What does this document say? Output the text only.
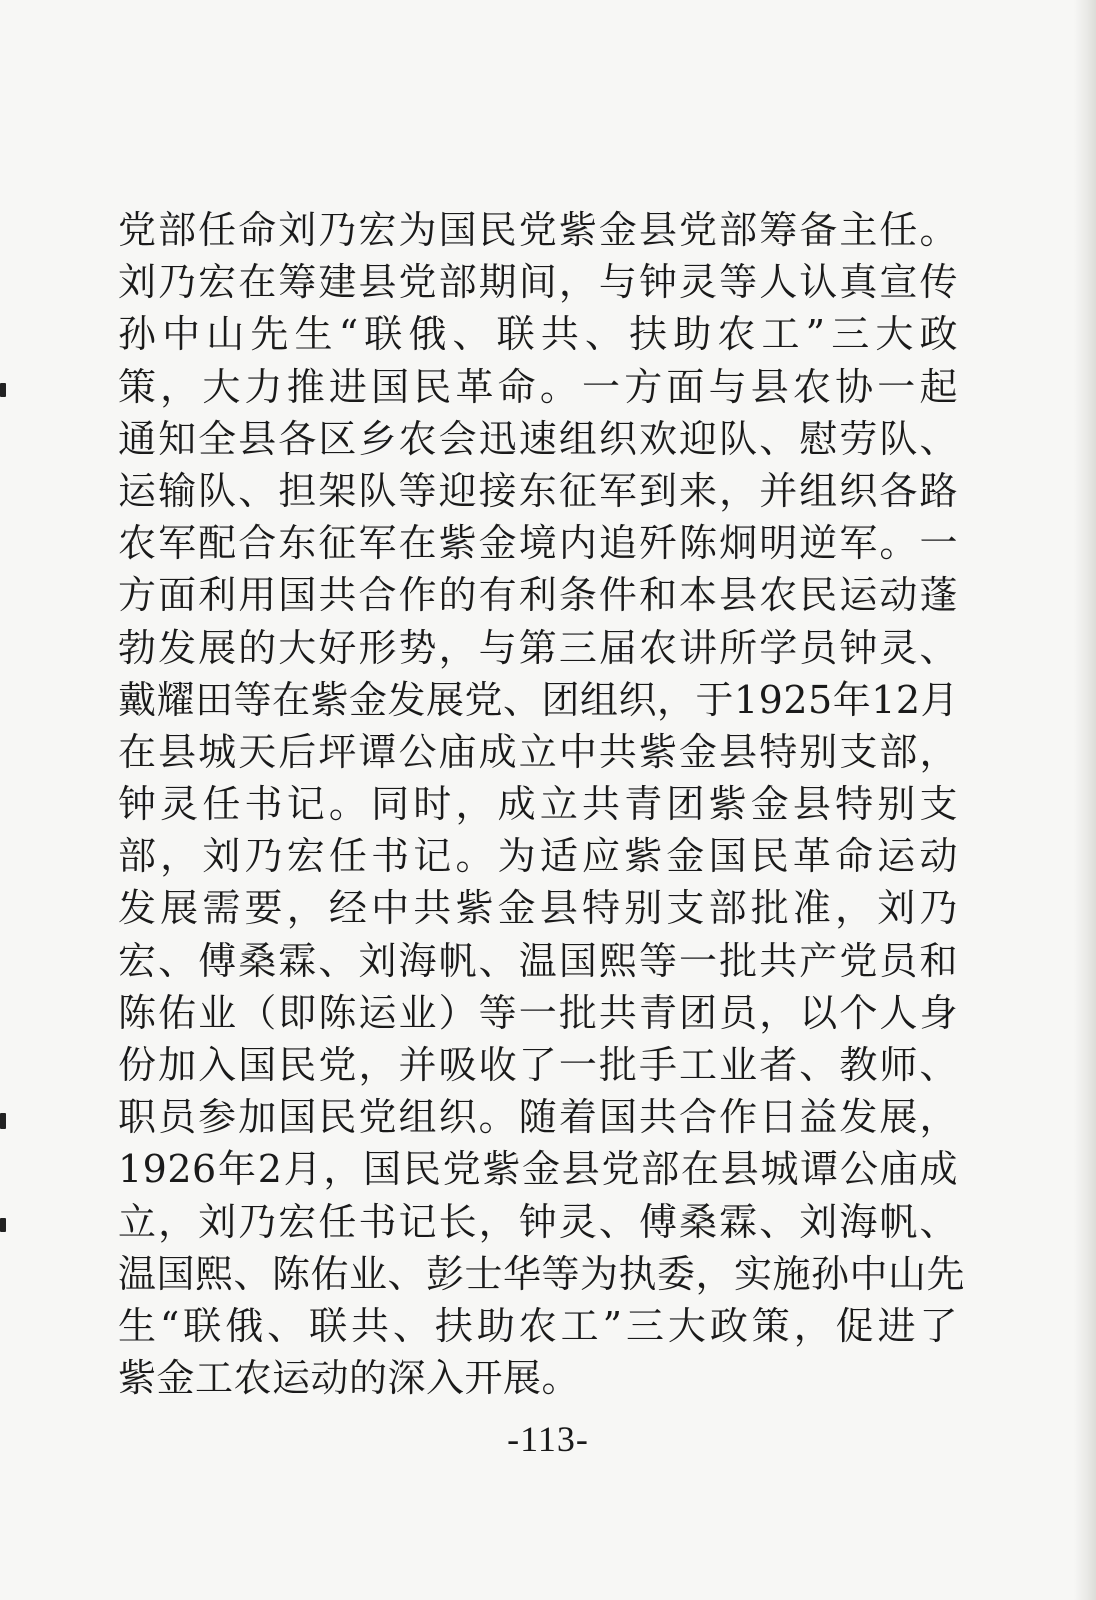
党部任命刘乃宏为国民党紫金县党部筹备主任。
刘乃宏在筹建县党部期间，与钟灵等人认真宣传
孙中山先生“联俄、联共、扶助农工”三大政
策，大力推进国民革命。一方面与县农协一起
通知全县各区乡农会迅速组织欢迎队、慰劳队、
运输队、担架队等迎接东征军到来，并组织各路
农军配合东征军在紫金境内追歼陈炯明逆军。一
方面利用国共合作的有利条件和本县农民运动蓬
勃发展的大好形势，与第三届农讲所学员钟灵、
戴耀田等在紫金发展党、团组织，于1925年12月
在县城天后坪谭公庙成立中共紫金县特别支部，
钟灵任书记。同时，成立共青团紫金县特别支
部，刘乃宏任书记。为适应紫金国民革命运动
发展需要，经中共紫金县特别支部批准，刘乃
宏、傅桑霖、刘海帆、温国熙等一批共产党员和
陈佑业（即陈运业）等一批共青团员，以个人身
份加入国民党，并吸收了一批手工业者、教师、
职员参加国民党组织。随着国共合作日益发展，
1926年2月，国民党紫金县党部在县城谭公庙成
立，刘乃宏任书记长，钟灵、傅桑霖、刘海帆、
温国熙、陈佑业、彭士华等为执委，实施孙中山先
生“联俄、联共、扶助农工”三大政策，促进了
紫金工农运动的深入开展。
-113-
